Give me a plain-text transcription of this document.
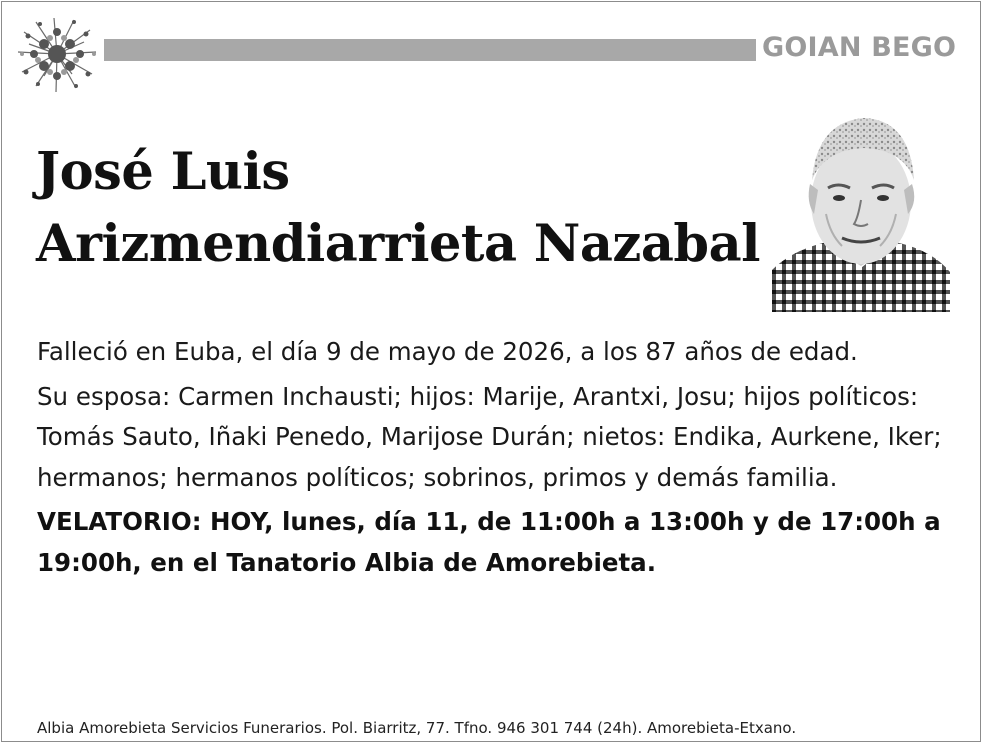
GOIAN BEGO
José Luis
Arizmendiarrieta Nazabal

Falleció en Euba, el día 9 de mayo de 2026, a los 87 años de edad.

Su esposa: Carmen Inchausti; hijos: Marije, Arantxi, Josu; hijos políticos: Tomás Sauto, Iñaki Penedo, Marijose Durán; nietos: Endika, Aurkene, Iker; hermanos; hermanos políticos; sobrinos, primos y demás familia.

VELATORIO: HOY, lunes, día 11, de 11:00h a 13:00h y de 17:00h a 19:00h, en el Tanatorio Albia de Amorebieta.

Albia Amorebieta Servicios Funerarios. Pol. Biarritz, 77. Tfno. 946 301 744 (24h). Amorebieta-Etxano.
